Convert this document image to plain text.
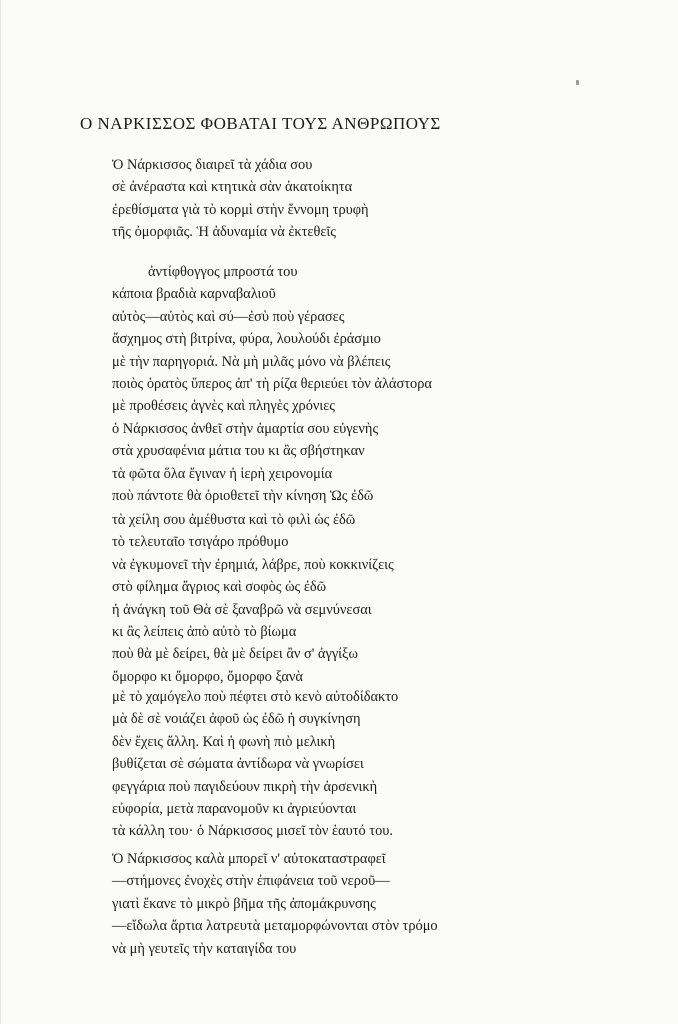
Ο ΝΑΡΚΙΣΣΟΣ ΦΟΒΑΤΑΙ ΤΟΥΣ ΑΝΘΡΩΠΟΥΣ
Ὁ Νάρκισσος διαιρεῖ τὰ χάδια σου
σὲ ἀνέραστα καὶ κτητικὰ σὰν ἀκατοίκητα
ἐρεθίσματα γιὰ τὸ κορμὶ στὴν ἔννομη τρυφὴ
τῆς ὀμορφιᾶς. Ἡ ἀδυναμία νὰ ἐκτεθεῖς
ἀντίφθογγος μπροστά του
κάποια βραδιὰ καρναβαλιοῦ
αὐτὸς—αὐτὸς καὶ σύ—ἐσὺ ποὺ γέρασες
ἄσχημος στὴ βιτρίνα, φύρα, λουλούδι ἐράσμιο
μὲ τὴν παρηγοριά. Νὰ μὴ μιλᾶς μόνο νὰ βλέπεις
ποιὸς ὁρατὸς ὕπερος ἀπ' τὴ ρίζα θεριεύει τὸν ἀλάστορα
μὲ προθέσεις ἁγνὲς καὶ πληγὲς χρόνιες
ὁ Νάρκισσος ἀνθεῖ στὴν ἁμαρτία σου εὐγενὴς
στὰ χρυσαφένια μάτια του κι ἂς σβήστηκαν
τὰ φῶτα ὅλα ἔγιναν ἡ ἱερὴ χειρονομία
ποὺ πάντοτε θὰ ὁριοθετεῖ τὴν κίνηση Ὡς ἐδῶ
τὰ χείλη σου ἀμέθυστα καὶ τὸ φιλὶ ὡς ἐδῶ
τὸ τελευταῖο τσιγάρο πρόθυμο
νὰ ἐγκυμονεῖ τὴν ἐρημιά, λάβρε, ποὺ κοκκινίζεις
στὸ φίλημα ἄγριος καὶ σοφὸς ὡς ἐδῶ
ἡ ἀνάγκη τοῦ Θὰ σὲ ξαναβρῶ νὰ σεμνύνεσαι
κι ἂς λείπεις ἀπὸ αὐτὸ τὸ βίωμα
ποὺ θὰ μὲ δείρει, θὰ μὲ δείρει ἂν σ' ἀγγίξω
ὄμορφο κι ὄμορφο, ὄμορφο ξανὰ
μὲ τὸ χαμόγελο ποὺ πέφτει στὸ κενὸ αὐτοδίδακτο
μὰ δὲ σὲ νοιάζει ἀφοῦ ὡς ἐδῶ ἡ συγκίνηση
δὲν ἔχεις ἄλλη. Καὶ ἡ φωνὴ πιὸ μελικὴ
βυθίζεται σὲ σώματα ἀντίδωρα νὰ γνωρίσει
φεγγάρια ποὺ παγιδεύουν πικρὴ τὴν ἀρσενικὴ
εὐφορία, μετὰ παρανομοῦν κι ἀγριεύονται
τὰ κάλλη του· ὁ Νάρκισσος μισεῖ τὸν ἑαυτό του.
Ὁ Νάρκισσος καλὰ μπορεῖ ν' αὐτοκαταστραφεῖ
—στήμονες ἐνοχὲς στὴν ἐπιφάνεια τοῦ νεροῦ—
γιατὶ ἔκανε τὸ μικρὸ βῆμα τῆς ἀπομάκρυνσης
—εἴδωλα ἄρτια λατρευτὰ μεταμορφώνονται στὸν τρόμο
νὰ μὴ γευτεῖς τὴν καταιγίδα του
